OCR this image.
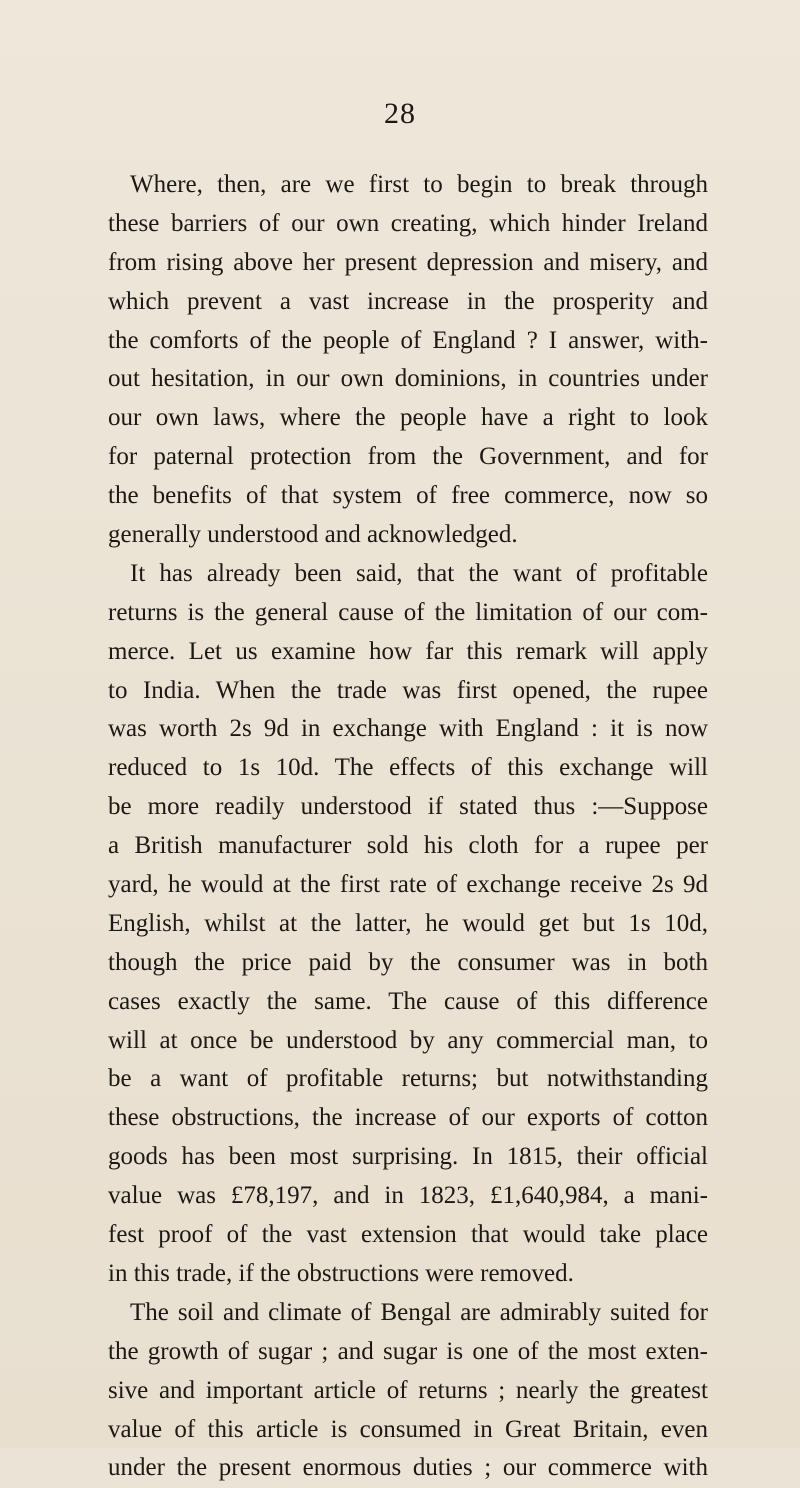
28
Where, then, are we first to begin to break through
these barriers of our own creating, which hinder Ireland
from rising above her present depression and misery, and
which prevent a vast increase in the prosperity and
the comforts of the people of England ? I answer, with-
out hesitation, in our own dominions, in countries under
our own laws, where the people have a right to look
for paternal protection from the Government, and for
the benefits of that system of free commerce, now so
generally understood and acknowledged.
It has already been said, that the want of profitable
returns is the general cause of the limitation of our com-
merce. Let us examine how far this remark will apply
to India. When the trade was first opened, the rupee
was worth 2s 9d in exchange with England : it is now
reduced to 1s 10d. The effects of this exchange will
be more readily understood if stated thus :—Suppose
a British manufacturer sold his cloth for a rupee per
yard, he would at the first rate of exchange receive 2s 9d
English, whilst at the latter, he would get but 1s 10d,
though the price paid by the consumer was in both
cases exactly the same. The cause of this difference
will at once be understood by any commercial man, to
be a want of profitable returns; but notwithstanding
these obstructions, the increase of our exports of cotton
goods has been most surprising. In 1815, their official
value was £78,197, and in 1823, £1,640,984, a mani-
fest proof of the vast extension that would take place
in this trade, if the obstructions were removed.
The soil and climate of Bengal are admirably suited for
the growth of sugar ; and sugar is one of the most exten-
sive and important article of returns ; nearly the greatest
value of this article is consumed in Great Britain, even
under the present enormous duties ; our commerce with
